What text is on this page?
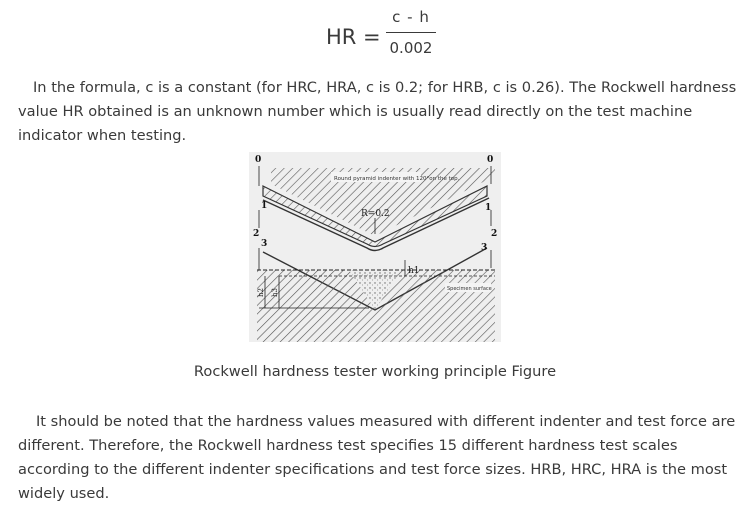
HR =
c - h
0.002

In the formula, c is a constant (for HRC, HRA, c is 0.2; for HRB, c is 0.26). The Rockwell hardness value HR obtained is an unknown number which is usually read directly on the test machine indicator when testing.

Round pyramid indenter with 120°on the top.
R=0.2
Specimen surface
h1
h2 h3
0
1
2
3
0
1
2
3
Rockwell hardness tester working principle Figure

It should be noted that the hardness values measured with different indenter and test force are different. Therefore, the Rockwell hardness test specifies 15 different hardness test scales according to the different indenter specifications and test force sizes. HRB, HRC, HRA is the most widely used.
